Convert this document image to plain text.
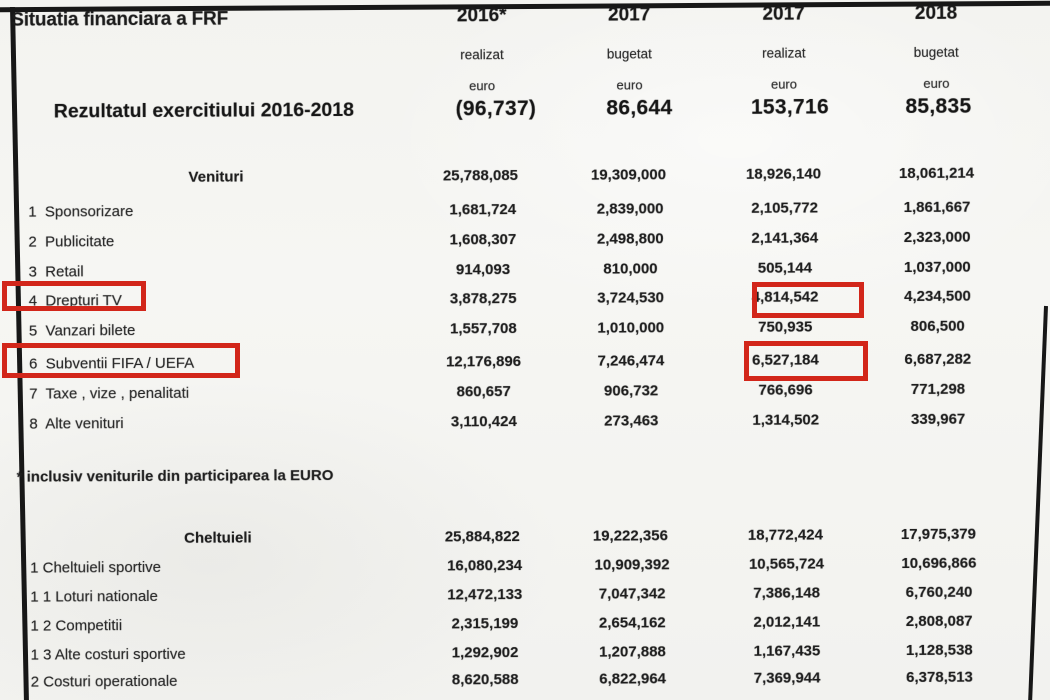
Situatia financiara a FRF	2016*	2017	2017	2018
realizat	bugetat	realizat	bugetat
euro	euro	euro	euro
Rezultatul exercitiului 2016-2018	(96,737)	86,644	153,716	85,835
Venituri	25,788,085	19,309,000	18,926,140	18,061,214
1  Sponsorizare	1,681,724	2,839,000	2,105,772	1,861,667
2  Publicitate	1,608,307	2,498,800	2,141,364	2,323,000
3  Retail	914,093	810,000	505,144	1,037,000
4  Drepturi TV	3,878,275	3,724,530	4,814,542	4,234,500
5  Vanzari bilete	1,557,708	1,010,000	750,935	806,500
6  Subventii FIFA / UEFA	12,176,896	7,246,474	6,527,184	6,687,282
7  Taxe , vize , penalitati	860,657	906,732	766,696	771,298
8  Alte venituri	3,110,424	273,463	1,314,502	339,967
* inclusiv veniturile din participarea la EURO
Cheltuieli	25,884,822	19,222,356	18,772,424	17,975,379
1 Cheltuieli sportive	16,080,234	10,909,392	10,565,724	10,696,866
1 1 Loturi nationale	12,472,133	7,047,342	7,386,148	6,760,240
1 2 Competitii	2,315,199	2,654,162	2,012,141	2,808,087
1 3 Alte costuri sportive	1,292,902	1,207,888	1,167,435	1,128,538
2 Costuri operationale	8,620,588	6,822,964	7,369,944	6,378,513
